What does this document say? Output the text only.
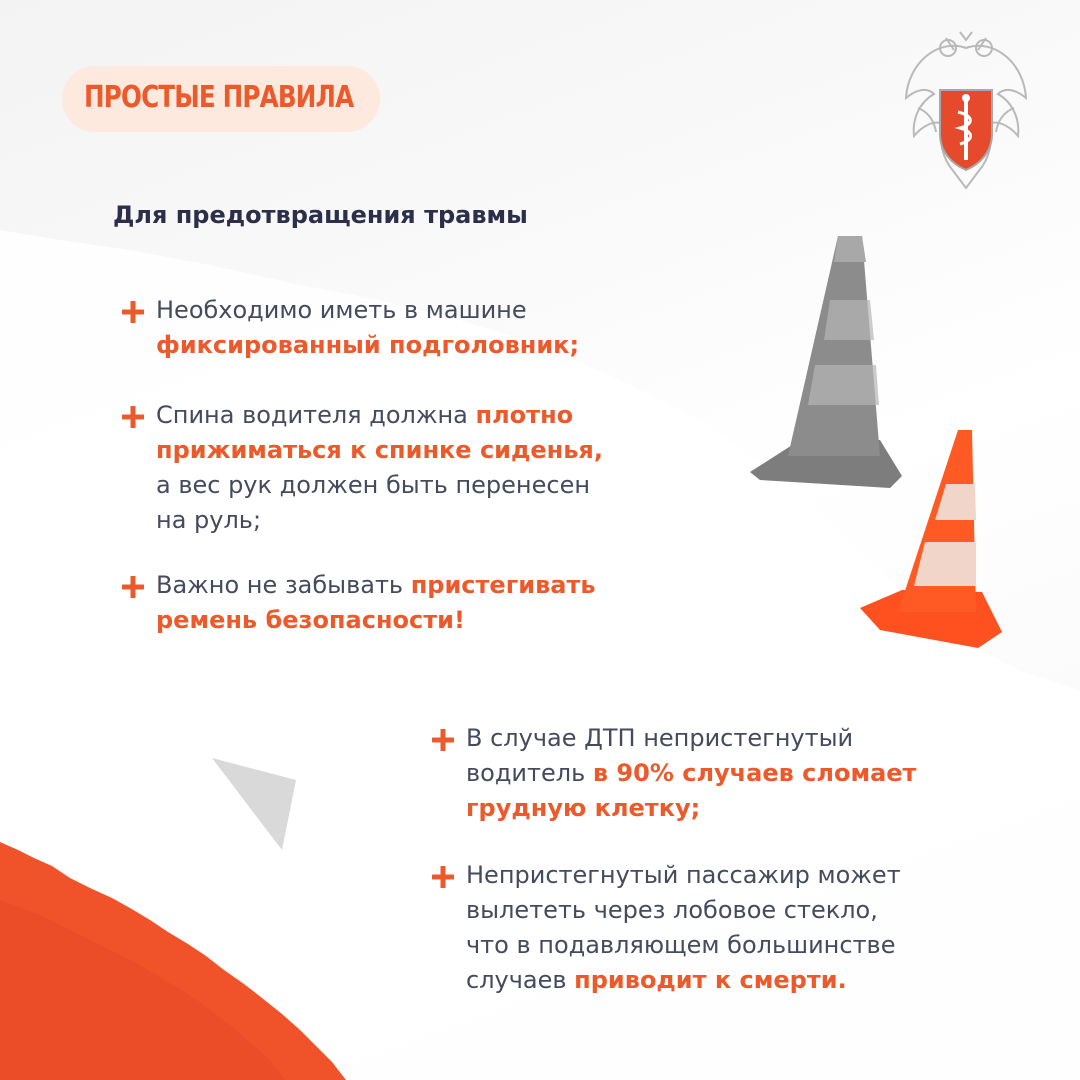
ПРОСТЫЕ ПРАВИЛА
Для предотвращения травмы
Необходимо иметь в машине
фиксированный подголовник;
Спина водителя должна плотно
прижиматься к спинке сиденья,
а вес рук должен быть перенесен
на руль;
Важно не забывать пристегивать
ремень безопасности!
В случае ДТП непристегнутый
водитель в 90% случаев сломает
грудную клетку;
Непристегнутый пассажир может
вылететь через лобовое стекло,
что в подавляющем большинстве
случаев приводит к смерти.
